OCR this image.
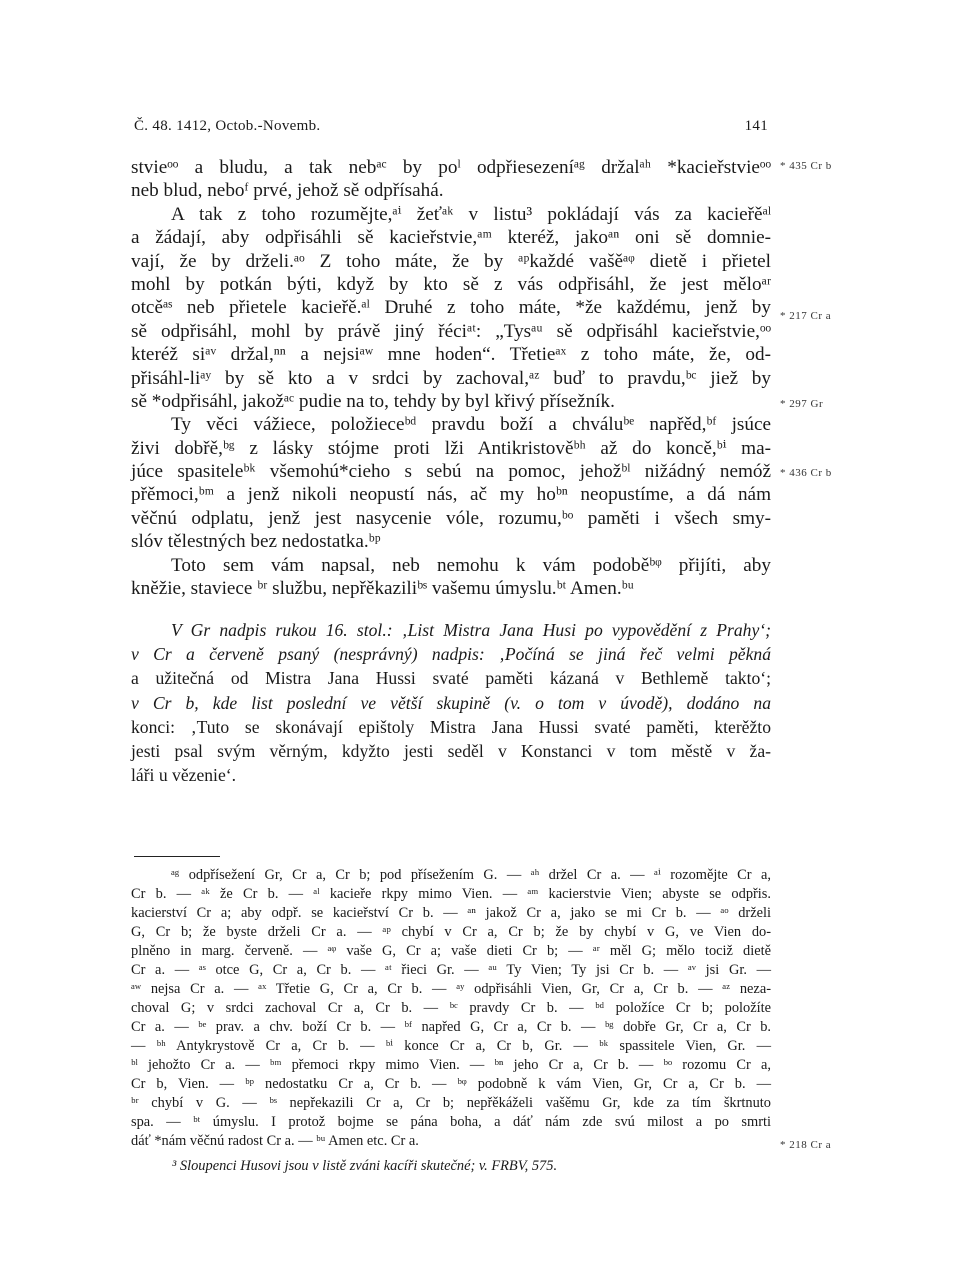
Č. 48. 1412, Octob.-Novemb.	141
stvieᵒᵒ a bludu, a tak nebᵃᶜ by poˡ odpřiesezeníᵃᵍ držalᵃʰ *kacieřstvieᵒᵒ
neb blud, neboᶠ prvé, jehož sě odpřísahá.
A tak z toho rozumějte,ᵃⁱ žeťᵃᵏ v listu³ pokládají vás za kacieřěᵃˡ
a žádají, aby odpřisáhli sě kacieřstvie,ᵃᵐ kteréž, jakoᵃⁿ oni sě domnie-
vají, že by drželi.ᵃᵒ Z toho máte, že by ᵃᵖkaždé vašěᵃᵠ dietě i přietel
mohl by potkán býti, když by kto sě z vás odpřisáhl, že jest měloᵃʳ
otcěᵃˢ neb přietele kacieřě.ᵃˡ Druhé z toho máte, *že každému, jenž by
sě odpřisáhl, mohl by právě jiný řéciᵃᵗ: „Tysᵃᵘ sě odpřisáhl kacieřstvie,ᵒᵒ
kteréž siᵃᵛ držal,ⁿⁿ a nejsiᵃʷ mne hoden“. Třetieᵃˣ z toho máte, že, od-
přisáhl-liᵃʸ by sě kto a v srdci by zachoval,ᵃᶻ buď to pravdu,ᵇᶜ jiež by
sě *odpřisáhl, jakožᵃᶜ pudie na to, tehdy by byl křivý přísežník.
Ty věci vážiece, položieceᵇᵈ pravdu boží a chváluᵇᵉ napřěd,ᵇᶠ jsúce
živi dobřě,ᵇᵍ z lásky stójme proti lži Antikristověᵇʰ až do koncě,ᵇⁱ ma-
júce spasiteleᵇᵏ všemohú*cieho s sebú na pomoc, jehožᵇˡ nižádný nemóž
přěmoci,ᵇᵐ a jenž nikoli neopustí nás, ač my hoᵇⁿ neopustíme, a dá nám
věčnú odplatu, jenž jest nasycenie vóle, rozumu,ᵇᵒ paměti i všech smy-
slóv tělestných bez nedostatka.ᵇᵖ
Toto sem vám napsal, neb nemohu k vám podoběᵇᵠ přijíti, aby
kněžie, staviece ᵇʳ službu, nepřěkaziliᵇˢ vašemu úmyslu.ᵇᵗ Amen.ᵇᵘ
* 435 Cr b
* 217 Cr a
* 297 Gr
* 436 Cr b
* 218 Cr a
V Gr nadpis rukou 16. stol.: ‚List Mistra Jana Husi po vypovědění z Prahy‘;
v Cr a červeně psaný (nesprávný) nadpis: ‚Počíná se jiná řeč velmi pěkná
a užitečná od Mistra Jana Hussi svaté paměti kázaná v Bethlemě takto‘;
v Cr b, kde list poslední ve větší skupině (v. o tom v úvodě), dodáno na
konci: ‚Tuto se skonávají epištoly Mistra Jana Hussi svaté paměti, kterěžto
jesti psal svým věrným, kdyžto jesti seděl v Konstanci v tom městě v ža-
láři u vězenie‘.
ᵃᵍ odpřísežení Gr, Cr a, Cr b; pod přísežením G. — ᵃʰ držel Cr a. — ᵃⁱ rozomějte Cr a,
Cr b. — ᵃᵏ že Cr b. — ᵃˡ kacieře rkpy mimo Vien. — ᵃᵐ kacierstvie Vien; abyste se odpřis.
kacierství Cr a; aby odpř. se kacieřství Cr b. — ᵃⁿ jakož Cr a, jako se mi Cr b. — ᵃᵒ drželi
G, Cr b; že byste drželi Cr a. — ᵃᵖ chybí v Cr a, Cr b; že by chybí v G, ve Vien do-
plněno in marg. červeně. — ᵃᵠ vaše G, Cr a; vaše dieti Cr b; — ᵃʳ měl G; mělo tociž dietě
Cr a. — ᵃˢ otce G, Cr a, Cr b. — ᵃᵗ řieci Gr. — ᵃᵘ Ty Vien; Ty jsi Cr b. — ᵃᵛ jsi Gr. —
ᵃʷ nejsa Cr a. — ᵃˣ Třetie G, Cr a, Cr b. — ᵃʸ odpřisáhli Vien, Gr, Cr a, Cr b. — ᵃᶻ neza-
choval G; v srdci zachoval Cr a, Cr b. — ᵇᶜ pravdy Cr b. — ᵇᵈ položíce Cr b; položíte
Cr a. — ᵇᵉ prav. a chv. boží Cr b. — ᵇᶠ napřed G, Cr a, Cr b. — ᵇᵍ dobře Gr, Cr a, Cr b.
— ᵇʰ Antykrystově Cr a, Cr b. — ᵇⁱ konce Cr a, Cr b, Gr. — ᵇᵏ spassitele Vien, Gr. —
ᵇˡ jehožto Cr a. — ᵇᵐ přemoci rkpy mimo Vien. — ᵇⁿ jeho Cr a, Cr b. — ᵇᵒ rozomu Cr a,
Cr b, Vien. — ᵇᵖ nedostatku Cr a, Cr b. — ᵇᵠ podobně k vám Vien, Gr, Cr a, Cr b. —
ᵇʳ chybí v G. — ᵇˢ nepřekazili Cr a, Cr b; nepřěkáželi vašěmu Gr, kde za tím škrtnuto
spa. — ᵇᵗ úmyslu. I protož bojme se pána boha, a dáť nám zde svú milost a po smrti
dáť *nám věčnú radost Cr a. — ᵇᵘ Amen etc. Cr a.
³ Sloupenci Husovi jsou v listě zváni kacíři skutečné; v. FRBV, 575.
